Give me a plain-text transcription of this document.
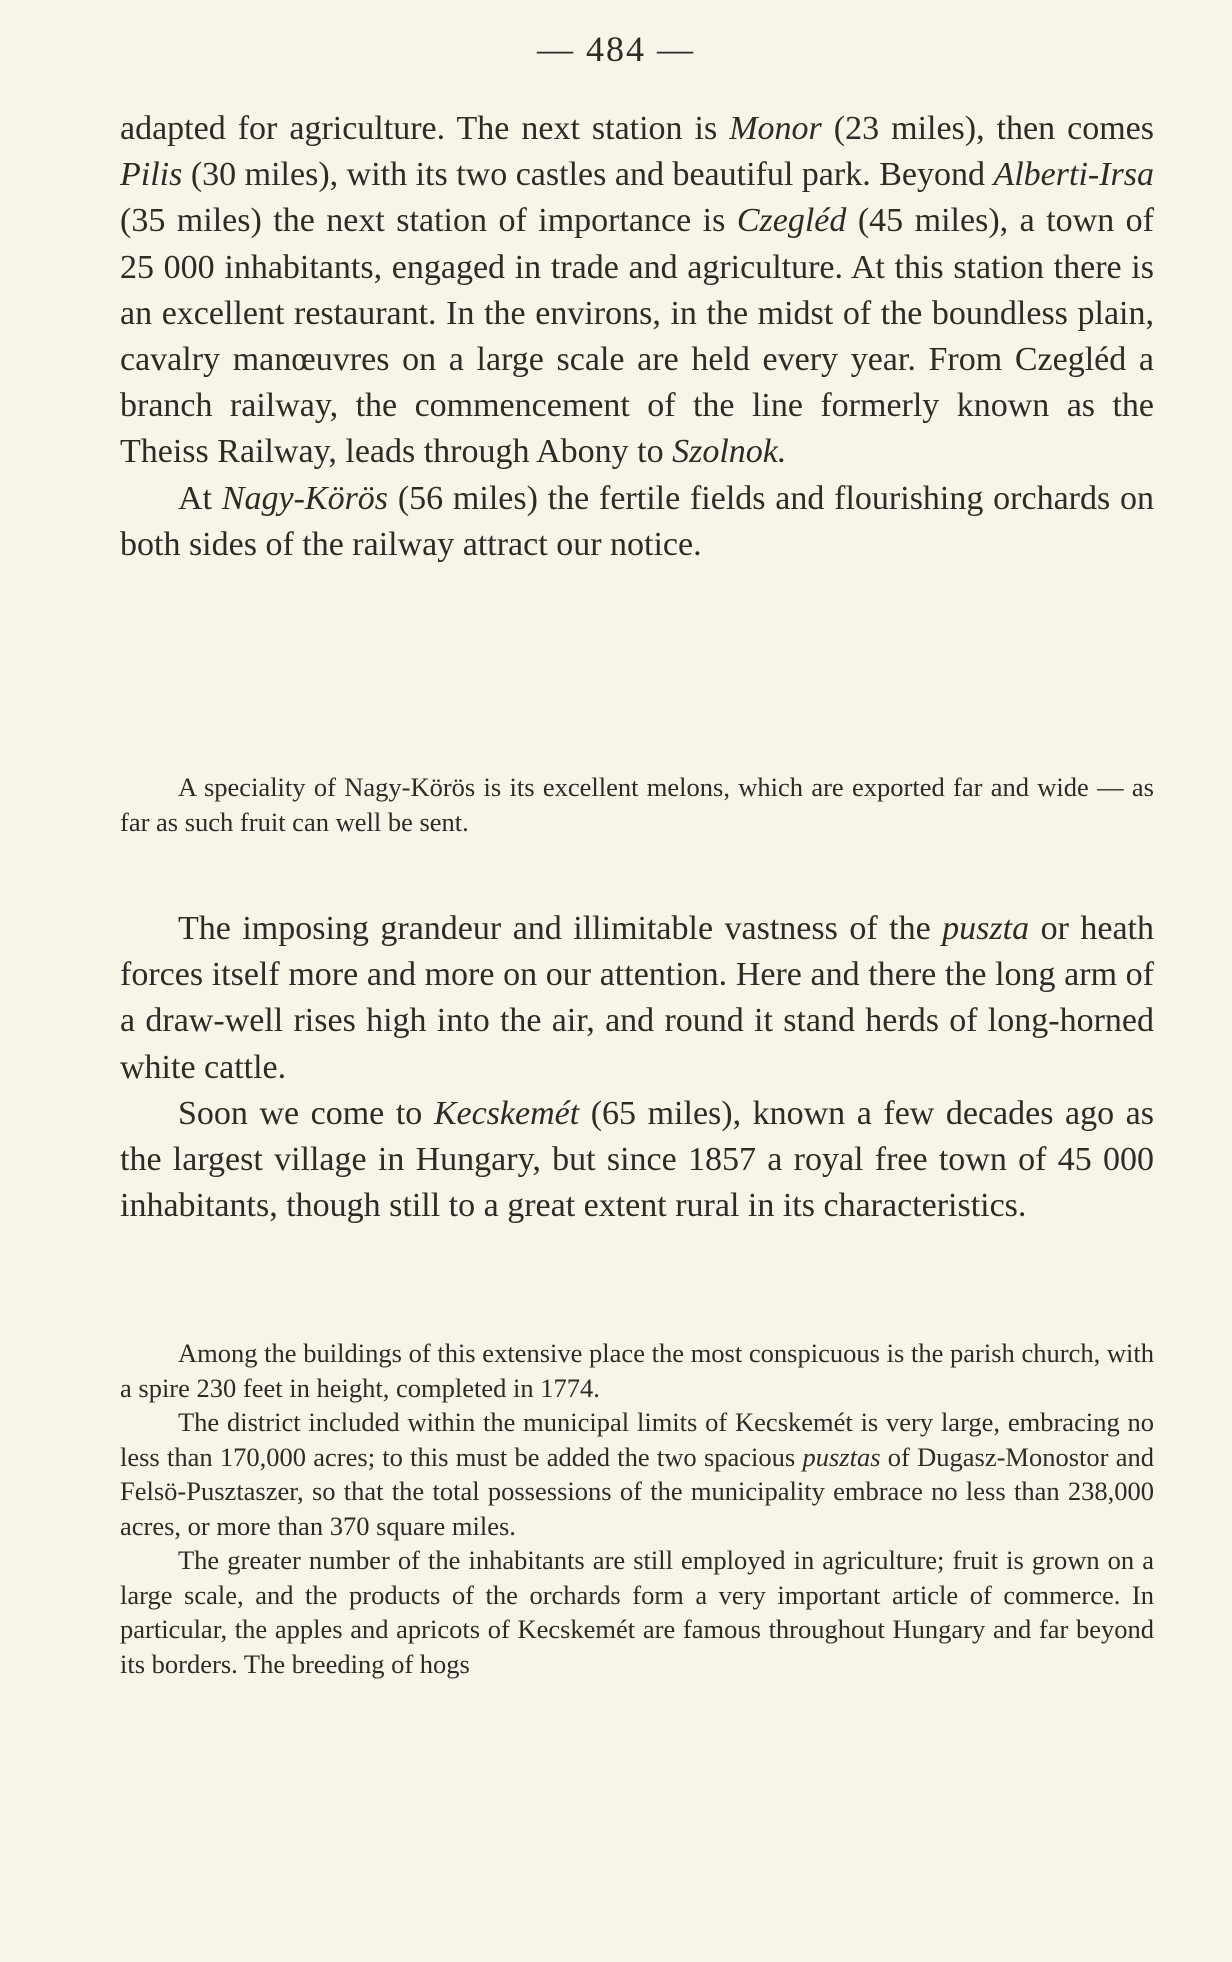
— 484 —

adapted for agriculture. The next station is Monor (23 miles), then comes Pilis (30 miles), with its two castles and beautiful park. Beyond Alberti-Irsa (35 miles) the next station of importance is Czegléd (45 miles), a town of 25 000 inhabitants, engaged in trade and agriculture. At this station there is an excellent restaurant. In the environs, in the midst of the boundless plain, cavalry manœuvres on a large scale are held every year. From Czegléd a branch railway, the commencement of the line formerly known as the Theiss Railway, leads through Abony to Szolnok.

At Nagy-Körös (56 miles) the fertile fields and flourishing orchards on both sides of the railway attract our notice.

A speciality of Nagy-Körös is its excellent melons, which are exported far and wide — as far as such fruit can well be sent.

The imposing grandeur and illimitable vastness of the puszta or heath forces itself more and more on our attention. Here and there the long arm of a draw-well rises high into the air, and round it stand herds of long-horned white cattle.

Soon we come to Kecskemét (65 miles), known a few decades ago as the largest village in Hungary, but since 1857 a royal free town of 45 000 inhabitants, though still to a great extent rural in its characteristics.

Among the buildings of this extensive place the most conspicuous is the parish church, with a spire 230 feet in height, completed in 1774.

The district included within the municipal limits of Kecskemét is very large, embracing no less than 170,000 acres; to this must be added the two spacious pusztas of Dugasz-Monostor and Felsö-Pusztaszer, so that the total possessions of the municipality embrace no less than 238,000 acres, or more than 370 square miles.

The greater number of the inhabitants are still employed in agriculture; fruit is grown on a large scale, and the products of the orchards form a very important article of commerce. In particular, the apples and apricots of Kecskemét are famous throughout Hungary and far beyond its borders. The breeding of hogs
